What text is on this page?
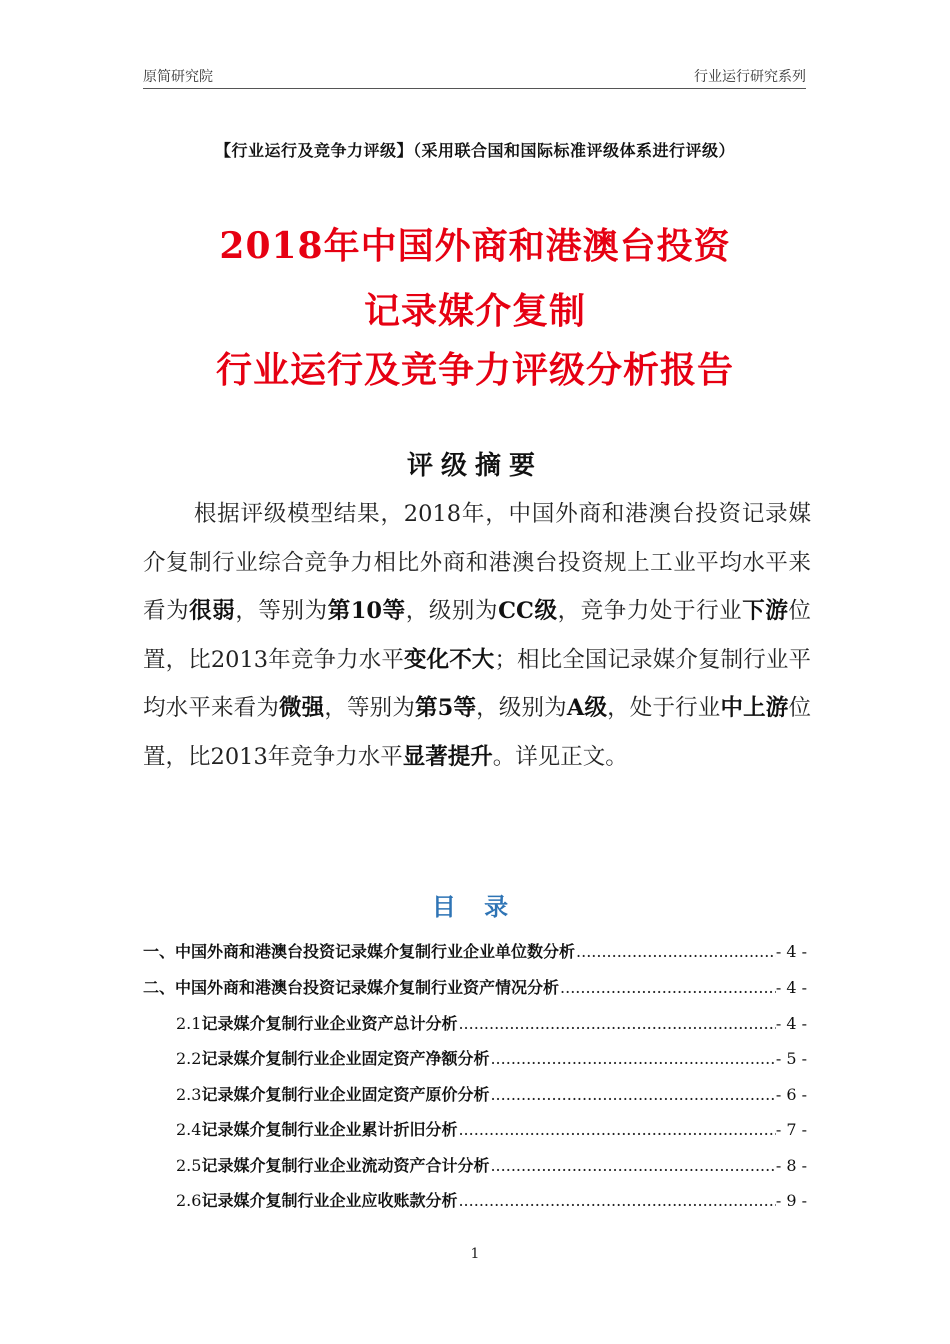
原简研究院	行业运行研究系列
【行业运行及竞争力评级】（采用联合国和国际标准评级体系进行评级）
2018年中国外商和港澳台投资
记录媒介复制
行业运行及竞争力评级分析报告
评级摘要
根据评级模型结果，2018年，中国外商和港澳台投资记录媒介复制行业综合竞争力相比外商和港澳台投资规上工业平均水平来看为很弱，等别为第10等，级别为CC级，竞争力处于行业下游位置，比2013年竞争力水平变化不大；相比全国记录媒介复制行业平均水平来看为微强，等别为第5等，级别为A级，处于行业中上游位置，比2013年竞争力水平显著提升。详见正文。
目 录
一、 中国外商和港澳台投资记录媒介复制行业企业单位数分析 .....	- 4 -
二、 中国外商和港澳台投资记录媒介复制行业资产情况分析 .....	- 4 -
2.1 记录媒介复制行业企业资产总计分析 .....	- 4 -
2.2 记录媒介复制行业企业固定资产净额分析 .....	- 5 -
2.3 记录媒介复制行业企业固定资产原价分析 .....	- 6 -
2.4 记录媒介复制行业企业累计折旧分析 .....	- 7 -
2.5 记录媒介复制行业企业流动资产合计分析 .....	- 8 -
2.6 记录媒介复制行业企业应收账款分析 .....	- 9 -
1
